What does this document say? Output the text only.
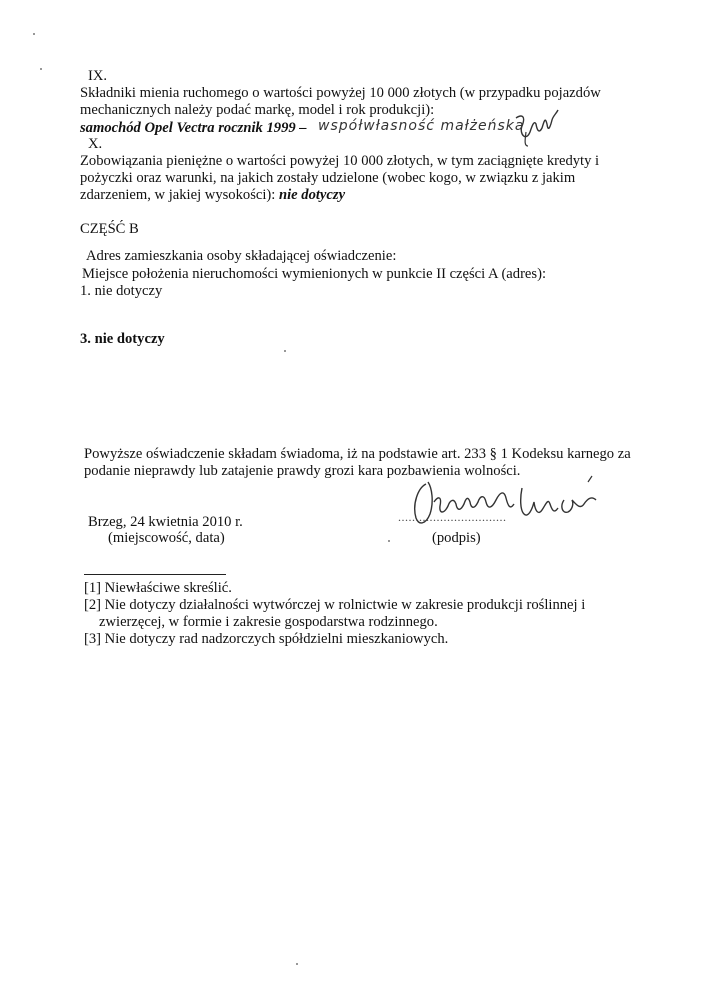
IX.
Składniki mienia ruchomego o wartości powyżej 10 000 złotych (w przypadku pojazdów
mechanicznych należy podać markę, model i rok produkcji):
samochód Opel Vectra rocznik 1999 – współwłasność małżeńska
X.
Zobowiązania pieniężne o wartości powyżej 10 000 złotych, w tym zaciągnięte kredyty i
pożyczki oraz warunki, na jakich zostały udzielone (wobec kogo, w związku z jakim
zdarzeniem, w jakiej wysokości): nie dotyczy
CZĘŚĆ B
Adres zamieszkania osoby składającej oświadczenie:
Miejsce położenia nieruchomości wymienionych w punkcie II części A (adres):
1. nie dotyczy
3. nie dotyczy
Powyższe oświadczenie składam świadoma, iż na podstawie art. 233 § 1 Kodeksu karnego za
podanie nieprawdy lub zatajenie prawdy grozi kara pozbawienia wolności.
Brzeg, 24 kwietnia 2010 r.
(miejscowość, data)
...............................
(podpis)
[1] Niewłaściwe skreślić.
[2] Nie dotyczy działalności wytwórczej w rolnictwie w zakresie produkcji roślinnej i
zwierzęcej, w formie i zakresie gospodarstwa rodzinnego.
[3] Nie dotyczy rad nadzorczych spółdzielni mieszkaniowych.
